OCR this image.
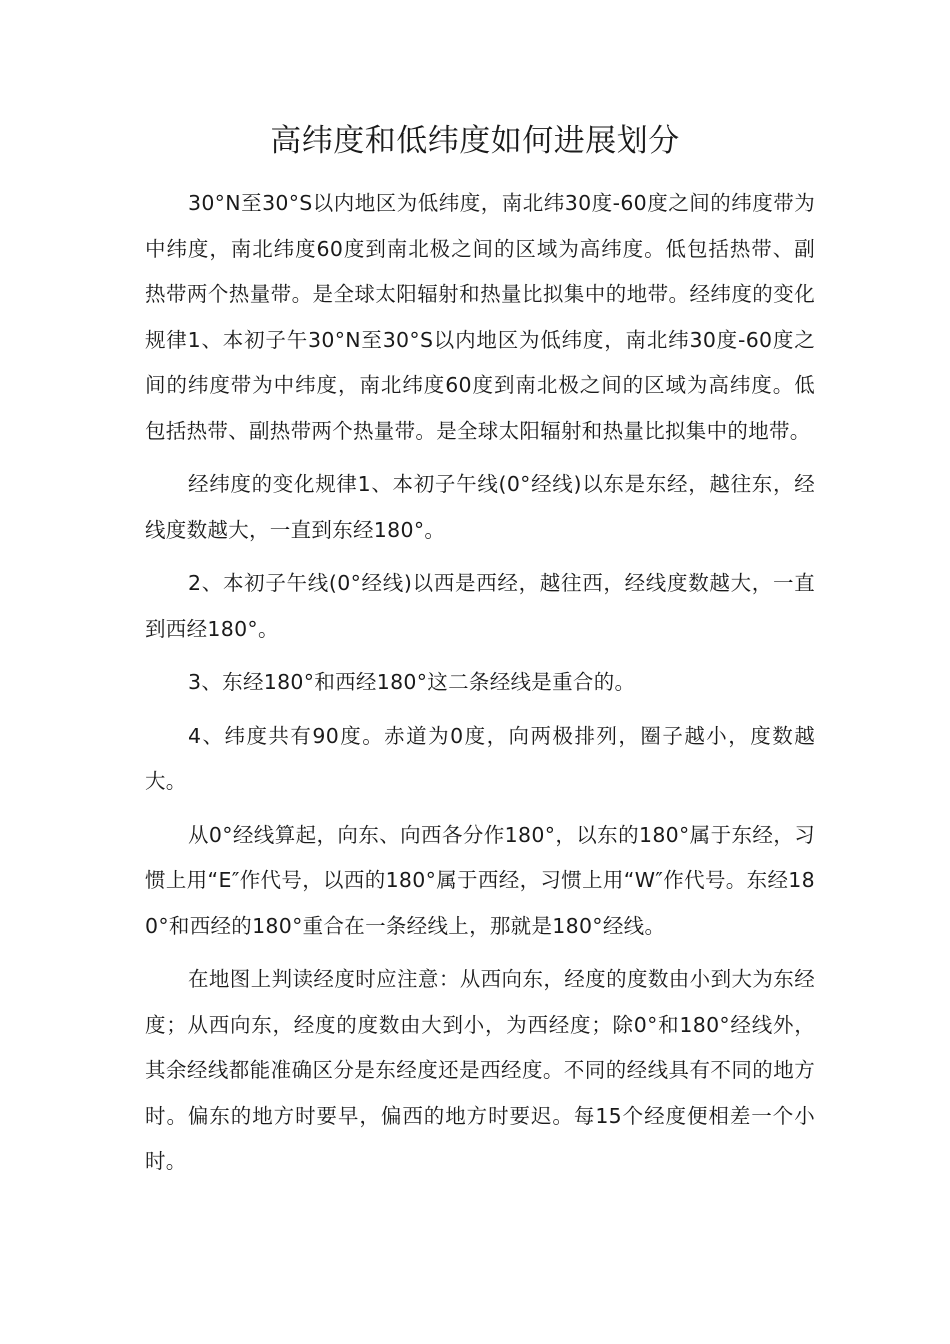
高纬度和低纬度如何进展划分

30°N至30°S以内地区为低纬度，南北纬30度-60度之间的纬度带为中纬度，南北纬度60度到南北极之间的区域为高纬度。低包括热带、副热带两个热量带。是全球太阳辐射和热量比拟集中的地带。经纬度的变化规律1、本初子午30°N至30°S以内地区为低纬度，南北纬30度-60度之间的纬度带为中纬度，南北纬度60度到南北极之间的区域为高纬度。低包括热带、副热带两个热量带。是全球太阳辐射和热量比拟集中的地带。

经纬度的变化规律1、本初子午线(0°经线)以东是东经，越往东，经线度数越大，一直到东经180°。

2、本初子午线(0°经线)以西是西经，越往西，经线度数越大，一直到西经180°。

3、东经180°和西经180°这二条经线是重合的。

4、纬度共有90度。赤道为0度，向两极排列，圈子越小，度数越大。

从0°经线算起，向东、向西各分作180°，以东的180°属于东经，习惯上用“E″作代号，以西的180°属于西经，习惯上用“W″作代号。东经180°和西经的180°重合在一条经线上，那就是180°经线。

在地图上判读经度时应注意：从西向东，经度的度数由小到大为东经度；从西向东，经度的度数由大到小，为西经度；除0°和180°经线外，其余经线都能准确区分是东经度还是西经度。不同的经线具有不同的地方时。偏东的地方时要早，偏西的地方时要迟。每15个经度便相差一个小时。
